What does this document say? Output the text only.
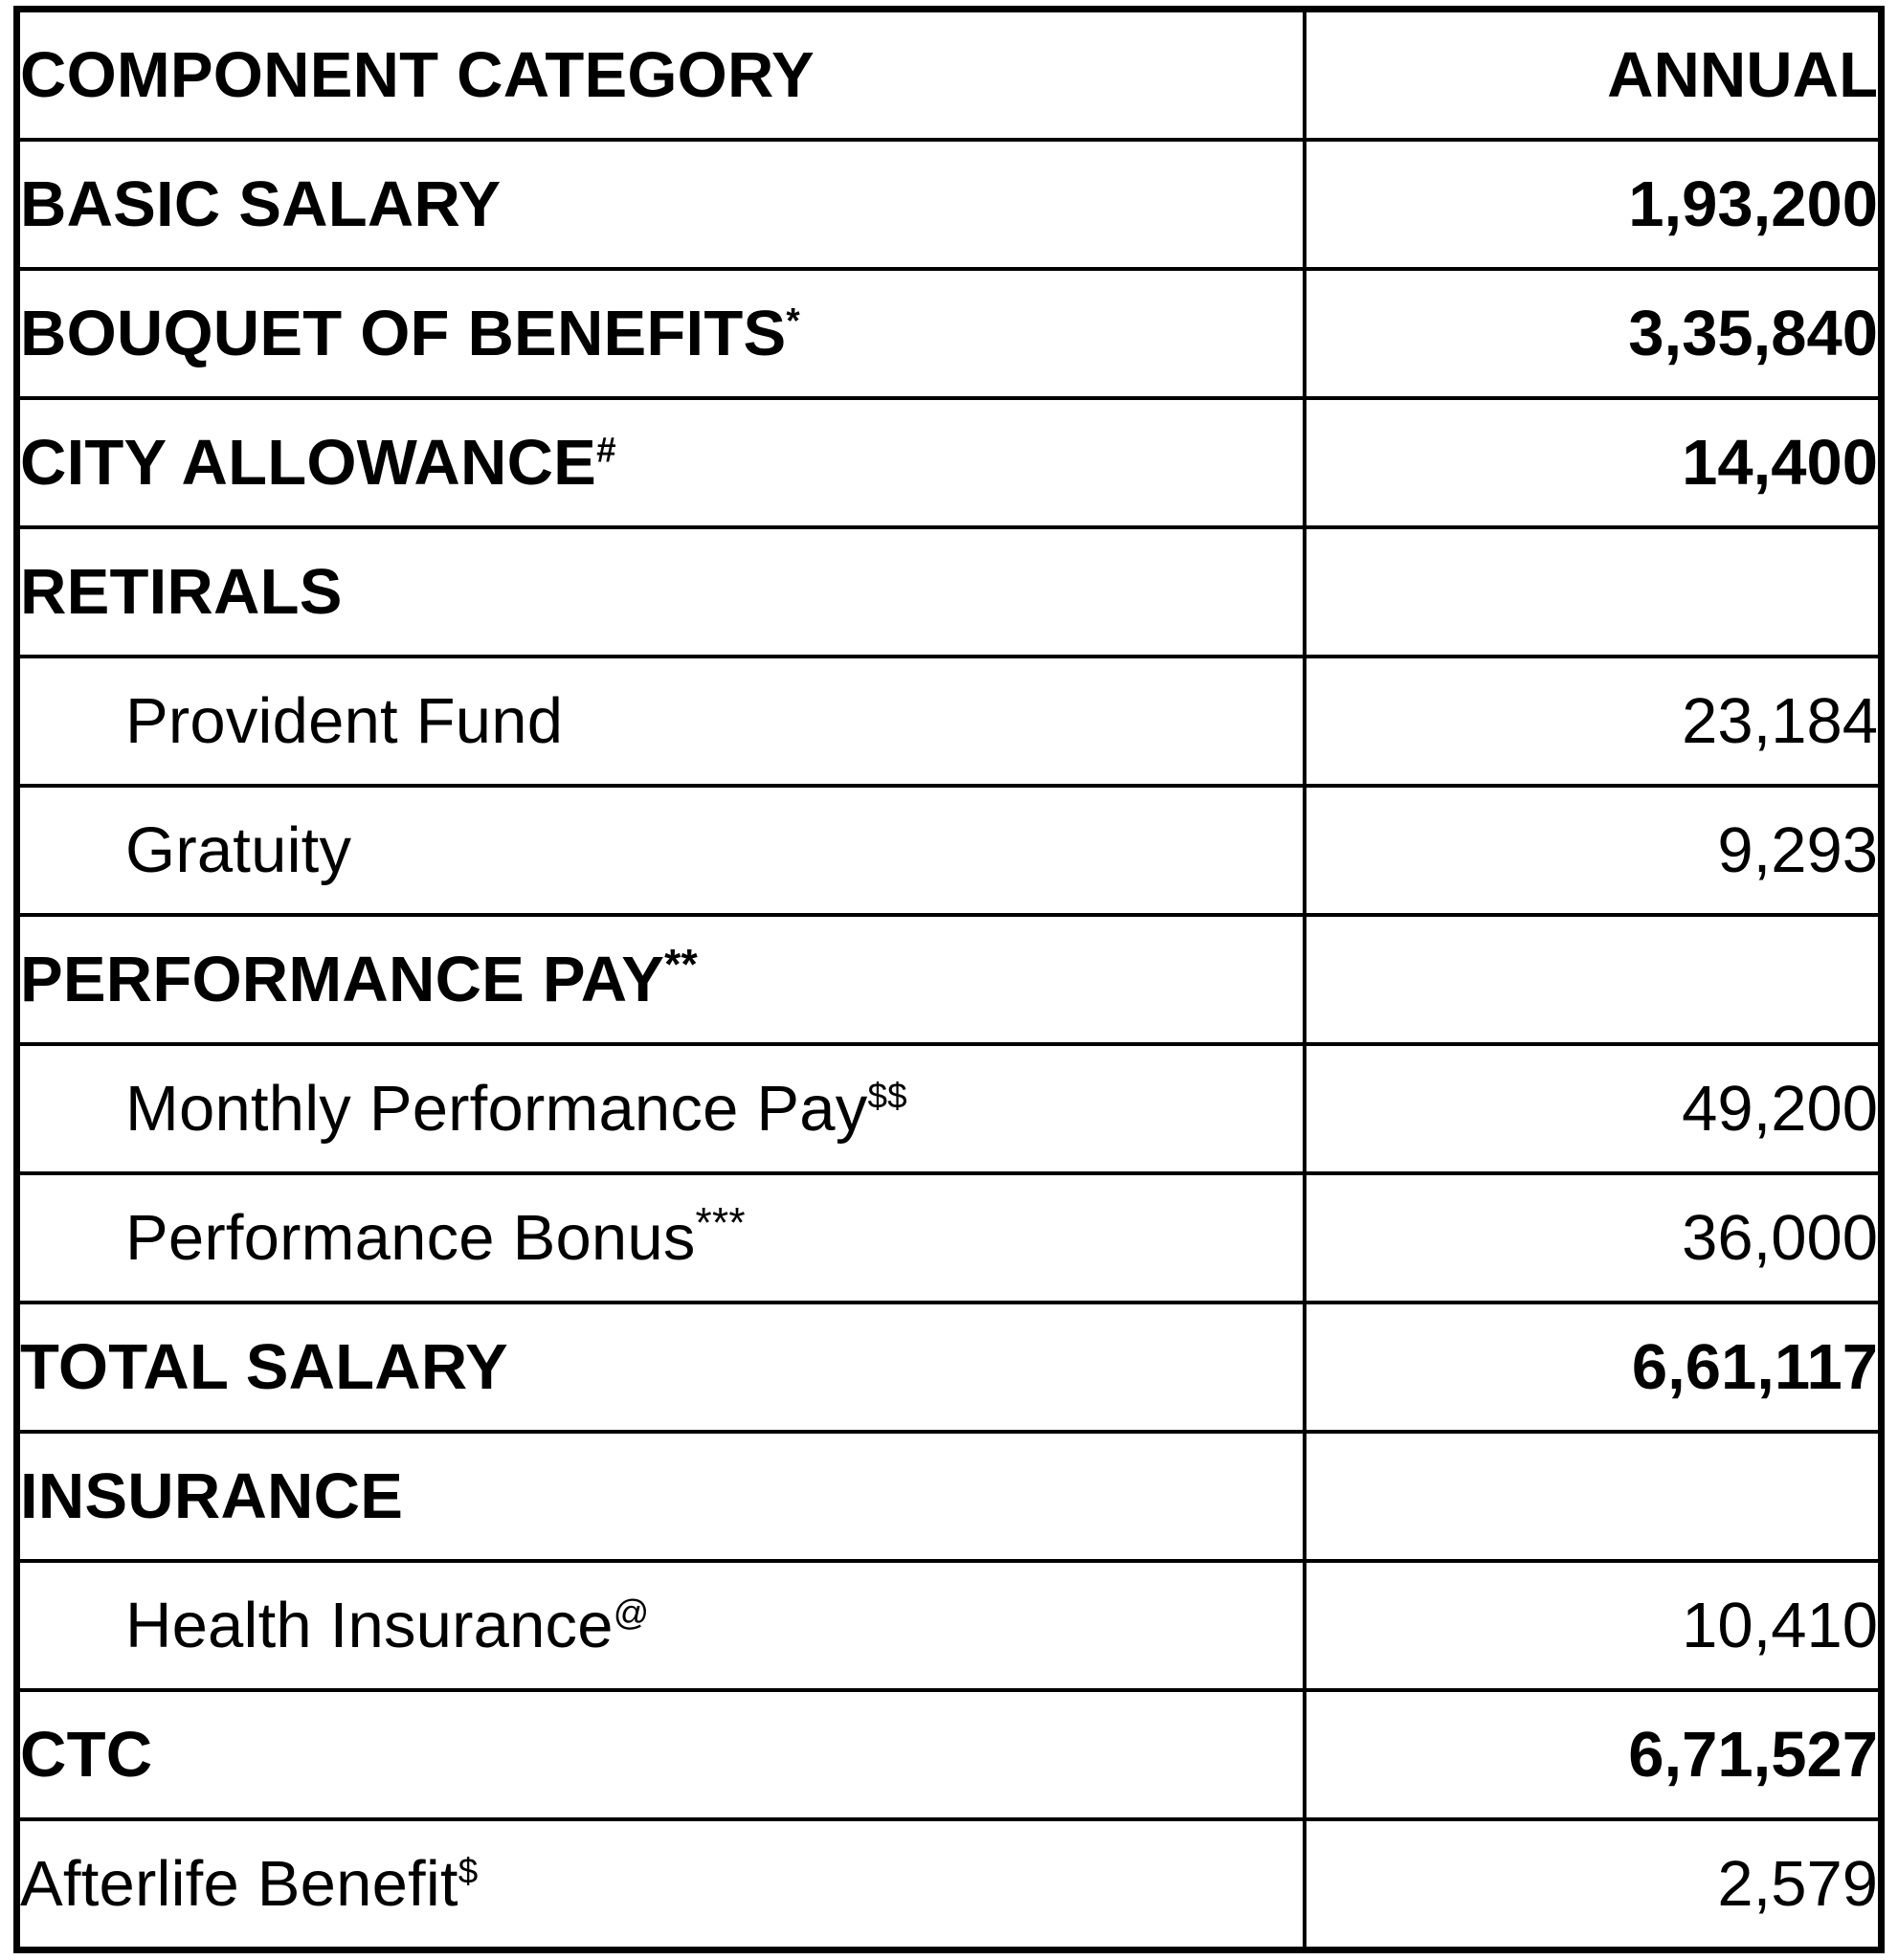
COMPONENT CATEGORY	ANNUAL
BASIC SALARY	1,93,200
BOUQUET OF BENEFITS*	3,35,840
CITY ALLOWANCE#	14,400
RETIRALS	
Provident Fund	23,184
Gratuity	9,293
PERFORMANCE PAY**	
Monthly Performance Pay$$	49,200
Performance Bonus***	36,000
TOTAL SALARY	6,61,117
INSURANCE	
Health Insurance@	10,410
CTC	6,71,527
Afterlife Benefit$	2,579
